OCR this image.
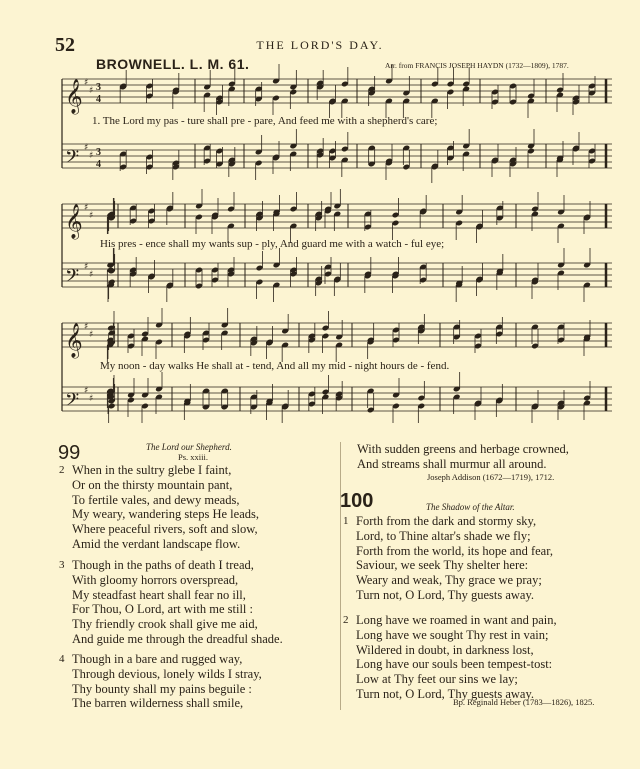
52	THE LORD'S DAY.
BROWNELL. L. M. 61.	Arr. from FRANCIS JOSEPH HAYDN (1732—1809), 1787.
𝄞 ♯
♯ 3
4
𝄢 ♯
♯ 3
4
𝄞 ♯
♯
𝄢 ♯
♯
𝄞 ♯
♯
𝄢 ♯
♯
1. The Lord my pas - ture shall pre - pare, And feed me with a shepherd's care;
His pres - ence shall my wants sup - ply, And guard me with a watch - ful eye;
My noon - day walks He shall at - tend, And all my mid - night hours de - fend.
99	The Lord our Shepherd.
Ps. xxiii.
2 When in the sultry glebe I faint,
Or on the thirsty mountain pant,
To fertile vales, and dewy meads,
My weary, wandering steps He leads,
Where peaceful rivers, soft and slow,
Amid the verdant landscape flow.
3 Though in the paths of death I tread,
With gloomy horrors overspread,
My steadfast heart shall fear no ill,
For Thou, O Lord, art with me still :
Thy friendly crook shall give me aid,
And guide me through the dreadful shade.
4 Though in a bare and rugged way,
Through devious, lonely wilds I stray,
Thy bounty shall my pains beguile :
The barren wilderness shall smile,
With sudden greens and herbage crowned,
And streams shall murmur all around.
Joseph Addison (1672—1719), 1712.
100	The Shadow of the Altar.
1 Forth from the dark and stormy sky,
Lord, to Thine altar's shade we fly;
Forth from the world, its hope and fear,
Saviour, we seek Thy shelter here:
Weary and weak, Thy grace we pray;
Turn not, O Lord, Thy guests away.
2 Long have we roamed in want and pain,
Long have we sought Thy rest in vain;
Wildered in doubt, in darkness lost,
Long have our souls been tempest-tost:
Low at Thy feet our sins we lay;
Turn not, O Lord, Thy guests away.
Bp. Reginald Heber (1783—1826), 1825.
